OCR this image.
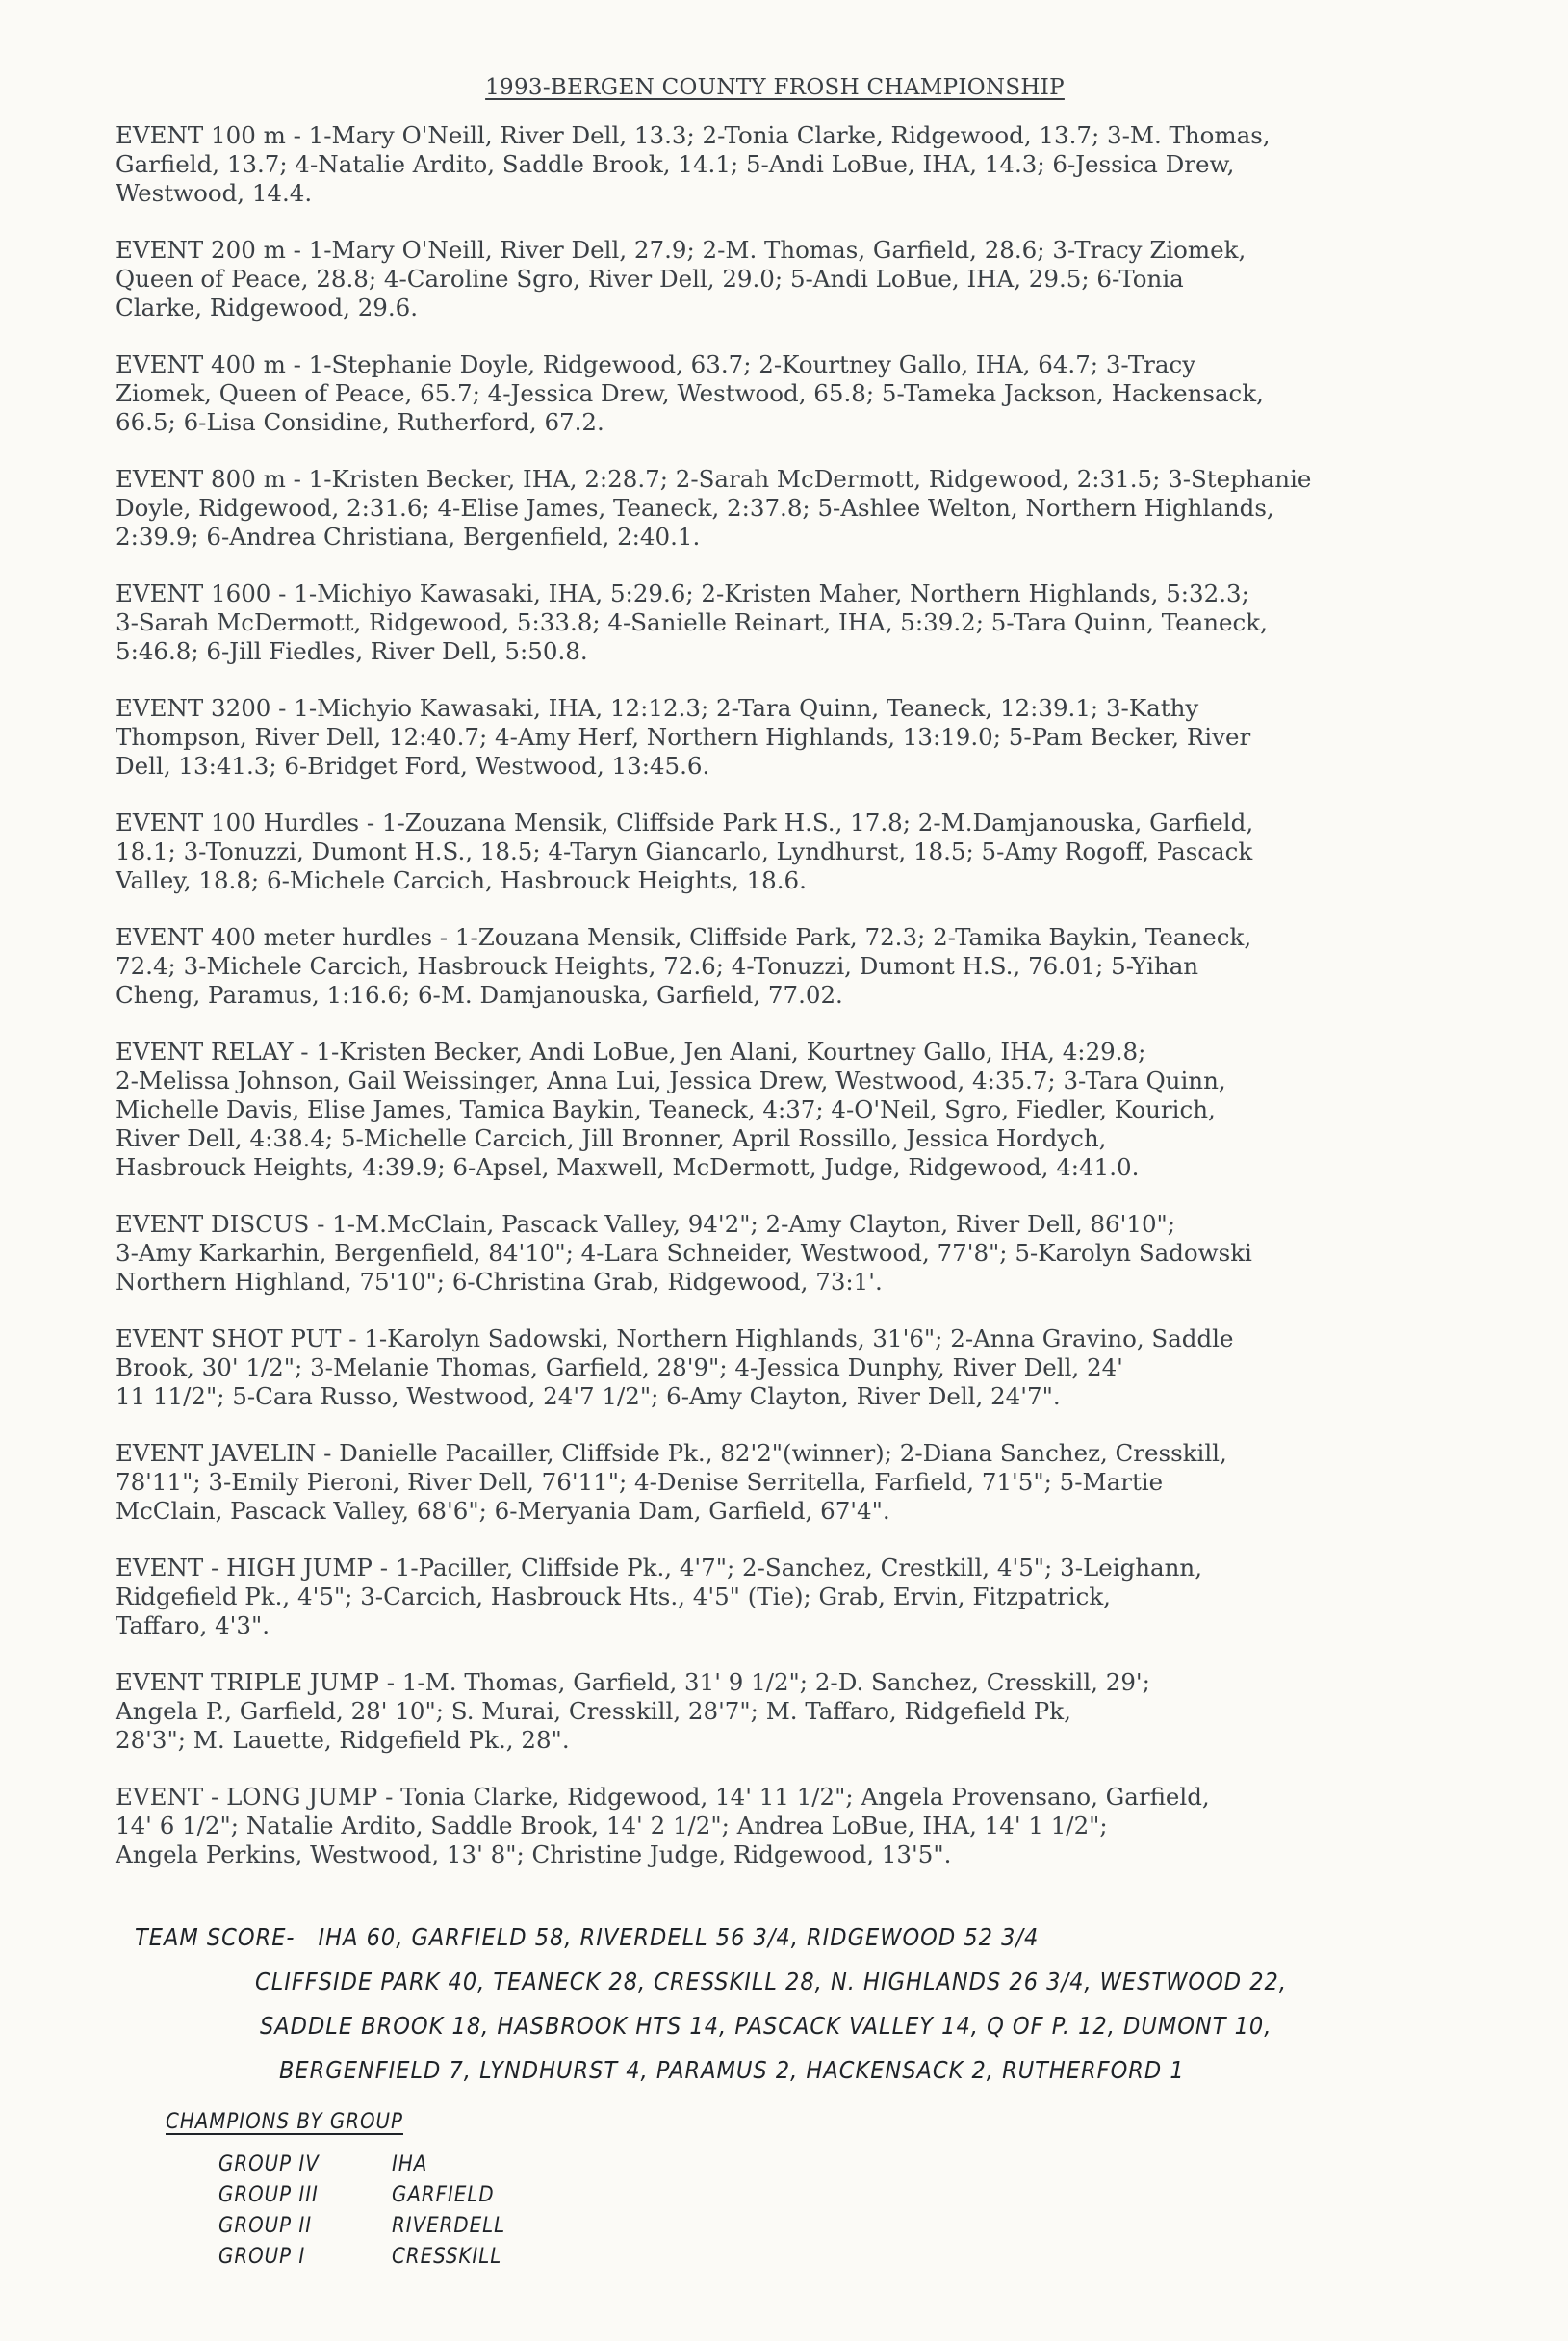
1993-BERGEN COUNTY FROSH CHAMPIONSHIP
EVENT 100 m - 1-Mary O'Neill, River Dell, 13.3; 2-Tonia Clarke, Ridgewood, 13.7; 3-M. Thomas,
Garfield, 13.7; 4-Natalie Ardito, Saddle Brook, 14.1; 5-Andi LoBue, IHA, 14.3; 6-Jessica Drew,
Westwood, 14.4.
EVENT 200 m - 1-Mary O'Neill, River Dell, 27.9; 2-M. Thomas, Garfield, 28.6; 3-Tracy Ziomek,
Queen of Peace, 28.8; 4-Caroline Sgro, River Dell, 29.0; 5-Andi LoBue, IHA, 29.5; 6-Tonia
Clarke, Ridgewood, 29.6.
EVENT 400 m - 1-Stephanie Doyle, Ridgewood, 63.7; 2-Kourtney Gallo, IHA, 64.7; 3-Tracy
Ziomek, Queen of Peace, 65.7; 4-Jessica Drew, Westwood, 65.8; 5-Tameka Jackson, Hackensack,
66.5; 6-Lisa Considine, Rutherford, 67.2.
EVENT 800 m - 1-Kristen Becker, IHA, 2:28.7; 2-Sarah McDermott, Ridgewood, 2:31.5; 3-Stephanie
Doyle, Ridgewood, 2:31.6; 4-Elise James, Teaneck, 2:37.8; 5-Ashlee Welton, Northern Highlands,
2:39.9; 6-Andrea Christiana, Bergenfield, 2:40.1.
EVENT 1600 - 1-Michiyo Kawasaki, IHA, 5:29.6; 2-Kristen Maher, Northern Highlands, 5:32.3;
3-Sarah McDermott, Ridgewood, 5:33.8; 4-Sanielle Reinart, IHA, 5:39.2; 5-Tara Quinn, Teaneck,
5:46.8; 6-Jill Fiedles, River Dell, 5:50.8.
EVENT 3200 - 1-Michyio Kawasaki, IHA, 12:12.3; 2-Tara Quinn, Teaneck, 12:39.1; 3-Kathy
Thompson, River Dell, 12:40.7; 4-Amy Herf, Northern Highlands, 13:19.0; 5-Pam Becker, River
Dell, 13:41.3; 6-Bridget Ford, Westwood, 13:45.6.
EVENT 100 Hurdles - 1-Zouzana Mensik, Cliffside Park H.S., 17.8; 2-M.Damjanouska, Garfield,
18.1; 3-Tonuzzi, Dumont H.S., 18.5; 4-Taryn Giancarlo, Lyndhurst, 18.5; 5-Amy Rogoff, Pascack
Valley, 18.8; 6-Michele Carcich, Hasbrouck Heights, 18.6.
EVENT 400 meter hurdles - 1-Zouzana Mensik, Cliffside Park, 72.3; 2-Tamika Baykin, Teaneck,
72.4; 3-Michele Carcich, Hasbrouck Heights, 72.6; 4-Tonuzzi, Dumont H.S., 76.01; 5-Yihan
Cheng, Paramus, 1:16.6; 6-M. Damjanouska, Garfield, 77.02.
EVENT RELAY - 1-Kristen Becker, Andi LoBue, Jen Alani, Kourtney Gallo, IHA, 4:29.8;
2-Melissa Johnson, Gail Weissinger, Anna Lui, Jessica Drew, Westwood, 4:35.7; 3-Tara Quinn,
Michelle Davis, Elise James, Tamica Baykin, Teaneck, 4:37; 4-O'Neil, Sgro, Fiedler, Kourich,
River Dell, 4:38.4; 5-Michelle Carcich, Jill Bronner, April Rossillo, Jessica Hordych,
Hasbrouck Heights, 4:39.9; 6-Apsel, Maxwell, McDermott, Judge, Ridgewood, 4:41.0.
EVENT DISCUS - 1-M.McClain, Pascack Valley, 94'2"; 2-Amy Clayton, River Dell, 86'10";
3-Amy Karkarhin, Bergenfield, 84'10"; 4-Lara Schneider, Westwood, 77'8"; 5-Karolyn Sadowski
Northern Highland, 75'10"; 6-Christina Grab, Ridgewood, 73:1'.
EVENT SHOT PUT - 1-Karolyn Sadowski, Northern Highlands, 31'6"; 2-Anna Gravino, Saddle
Brook, 30' 1/2"; 3-Melanie Thomas, Garfield, 28'9"; 4-Jessica Dunphy, River Dell, 24'
11 11/2"; 5-Cara Russo, Westwood, 24'7 1/2"; 6-Amy Clayton, River Dell, 24'7".
EVENT JAVELIN - Danielle Pacailler, Cliffside Pk., 82'2"(winner); 2-Diana Sanchez, Cresskill,
78'11"; 3-Emily Pieroni, River Dell, 76'11"; 4-Denise Serritella, Farfield, 71'5"; 5-Martie
McClain, Pascack Valley, 68'6"; 6-Meryania Dam, Garfield, 67'4".
EVENT - HIGH JUMP - 1-Paciller, Cliffside Pk., 4'7"; 2-Sanchez, Crestkill, 4'5"; 3-Leighann,
Ridgefield Pk., 4'5"; 3-Carcich, Hasbrouck Hts., 4'5" (Tie); Grab, Ervin, Fitzpatrick,
Taffaro, 4'3".
EVENT TRIPLE JUMP - 1-M. Thomas, Garfield, 31' 9 1/2"; 2-D. Sanchez, Cresskill, 29';
Angela P., Garfield, 28' 10"; S. Murai, Cresskill, 28'7"; M. Taffaro, Ridgefield Pk,
28'3"; M. Lauette, Ridgefield Pk., 28".
EVENT - LONG JUMP - Tonia Clarke, Ridgewood, 14' 11 1/2"; Angela Provensano, Garfield,
14' 6 1/2"; Natalie Ardito, Saddle Brook, 14' 2 1/2"; Andrea LoBue, IHA, 14' 1 1/2";
Angela Perkins, Westwood, 13' 8"; Christine Judge, Ridgewood, 13'5".
TEAM SCORE- IHA 60, GARFIELD 58, RIVERDELL 56 3/4, RIDGEWOOD 52 3/4
CLIFFSIDE PARK 40, TEANECK 28, CRESSKILL 28, N. HIGHLANDS 26 3/4, WESTWOOD 22,
SADDLE BROOK 18, HASBROOK HTS 14, PASCACK VALLEY 14, Q OF P. 12, DUMONT 10,
BERGENFIELD 7, LYNDHURST 4, PARAMUS 2, HACKENSACK 2, RUTHERFORD 1
CHAMPIONS BY GROUP
GROUP IV	IHA
GROUP III	GARFIELD
GROUP II	RIVERDELL
GROUP I	CRESSKILL
